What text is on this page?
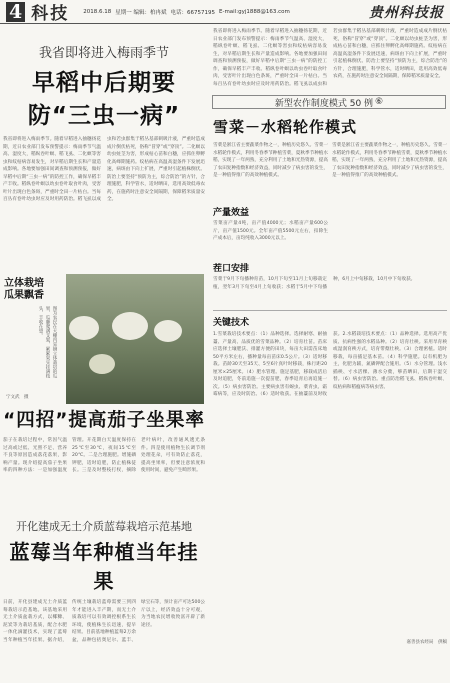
4 科技	2018.6.18 星期一 编辑：柏冉斌 电话：66757195 E-mail:gyj1888@163.com	贵州科技报
我省即将进入梅雨季节
早稻中后期要防“三虫一病”
我省即将进入梅雨季节。随着早稻进入抽穗扬花期，近日农业部门发布预警提示：梅雨季节气温高、湿度大，稻纵卷叶螟、稻飞虱、二化螟等害虫和纹枯病容易发生，对早稻后期生长和产量造成影响。各地要加强田间调查和预测预报，做好早稻中后期“三虫一病”的防控工作，确保早稻丰产丰收。稻纵卷叶螟以幼虫卷叶取食叶肉，受害叶片出现白色条斑，严重时全田一片枯白。当每百丛有卷叶幼虫时应及时用药防治。稻飞虱以成虫和若虫群集于稻丛基部刺吸汁液，严重时造成成片倒伏枯死，俗称“冒穿”或“穿顶”。二化螟以幼虫蛀茎为害，形成枯心苗和白穗，应抓住卵孵化高峰期施药。纹枯病在高温高湿条件下发展迅速，病斑由下向上扩展，严重时引起植株倒伏。防治上要坚持“预防为主，综合防治”的方针，合理施肥，科学管水，适时晒田，选用高效低毒农药，在施药时注意安全间隔期，保障稻米质量安全。
立体栽培
瓜果飘香
图为农民在大棚内采摘立体栽培的瓜果，瓜藤爬满支架，累累果实挂满枝头，丰收在望。
宁文武　摄
“四招”提高茄子坐果率
茄子在栽培过程中，常因气温过高或过低、光照不足、营养不良等原因造成落花落果，影响产量。现介绍提高茄子坐果率的四种方法：一是加强温度管理。开花期白天温度保持在25℃至30℃，夜间15℃至20℃。二是合理施肥。增施磷钾肥，适时追肥，防止植株徒长。三是及时整枝打杈，摘除老叶病叶，改善通风透光条件。四是使用植物生长调节剂处理花朵，可有效防止落花，提高坐果率，但要注意浓度和使用时间，避免产生畸形果。
开化建成无土介质蓝莓栽培示范基地
蓝莓当年种植当年挂果
日前，开化县建成无土介质蓝莓栽培示范基地。该基地采用无土介质盆栽方式，以椰糠、泥炭等为栽培基质，配合水肥一体化滴灌技术，实现了蓝莓当年种植当年挂果。据介绍，传统土壤栽培蓝莓需要三到四年才能进入丰产期，而无土介质栽培可以有效调控根系生长环境，使植株生长迅速，提早结果。目前基地种植蓝莓2万余盆，品种包括奥尼尔、蓝丰、绿宝石等，预计亩产可达500公斤以上，经济效益十分可观，为当地农民增收致富开辟了新途径。
我省即将进入梅雨季节。随着早稻进入抽穗扬花期，近日农业部门发布预警提示：梅雨季节气温高、湿度大，稻纵卷叶螟、稻飞虱、二化螟等害虫和纹枯病容易发生，对早稻后期生长和产量造成影响。各地要加强田间调查和预测预报，做好早稻中后期“三虫一病”的防控工作，确保早稻丰产丰收。稻纵卷叶螟以幼虫卷叶取食叶肉，受害叶片出现白色条斑，严重时全田一片枯白。当每百丛有卷叶幼虫时应及时用药防治。稻飞虱以成虫和若虫群集于稻丛基部刺吸汁液，严重时造成成片倒伏枯死，俗称“冒穿”或“穿顶”。二化螟以幼虫蛀茎为害，形成枯心苗和白穗，应抓住卵孵化高峰期施药。纹枯病在高温高湿条件下发展迅速，病斑由下向上扩展，严重时引起植株倒伏。防治上要坚持“预防为主，综合防治”的方针，合理施肥，科学管水，适时晒田，选用高效低毒农药，在施药时注意安全间隔期，保障稻米质量安全。
新型农作制度模式 50 例 ⑥
雪菜－水稻轮作模式
雪菜是浙江省主要蔬菜作物之一，种植历史悠久。雪菜一水稻轮作模式，利用冬春季节种植雪菜，夏秋季节种植水稻，实现了一年两熟，充分利用了土地和光热资源，提高了农田复种指数和经济效益，同时减少了病虫害的发生，是一种值得推广的高效种植模式。
产量效益
雪菜亩产量4吨，亩产值4000元；水稻亩产量600公斤，亩产值1500元。全年亩产值5500元左右，扣除生产成本后，亩均纯收入3000元以上。
雪菜是浙江省主要蔬菜作物之一，种植历史悠久。雪菜一水稻轮作模式，利用冬春季节种植雪菜，夏秋季节种植水稻，实现了一年两熟，充分利用了土地和光热资源，提高了农田复种指数和经济效益，同时减少了病虫害的发生，是一种值得推广的高效种植模式。
茬口安排
雪菜于9月下旬播种育苗，10月下旬至11月上旬移栽定植，翌年3月下旬至4月上旬收获；水稻于5月中下旬播种，6月上中旬移栽，10月中下旬收获。
关键技术
1.雪菜栽培技术要点：（1）品种选择。选择耐寒、耐抽薹、产量高、品质优的雪菜品种。（2）培育壮苗。苗床应选择土壤肥沃、排灌方便的田块，每亩大田需苗床地50平方米左右，播种量每亩苗床0.5公斤。（3）适时移栽。苗龄30天至35天、5至6片真叶时移栽，株行距20厘米×25厘米。（4）肥水管理。施足基肥，移栽成活后及时追肥，冬前追施一次提苗肥，春季返青后再追施一次。（5）病虫害防治。主要病虫害有蚜虫、菜青虫、霜霉病等，应及时防治。（6）适时收获。在抽薹前及时收获。2.水稻栽培技术要点：（1）品种选择。选用高产优质、抗病性强的水稻品种。（2）培育壮秧。采用旱育秧或湿润育秧方式，培育带蘖壮秧。（3）合理密植。适时移栽，每亩插足基本苗。（4）科学施肥。以有机肥为主，化肥为辅，氮磷钾配合施用。（5）水分管理。浅水插秧、寸水活棵、薄水分蘖，够苗晒田，后期干湿交替。（6）病虫害防治。重点防治稻飞虱、稻纵卷叶螟、纹枯病和稻瘟病等病虫害。
嘉善县农经局　供稿
